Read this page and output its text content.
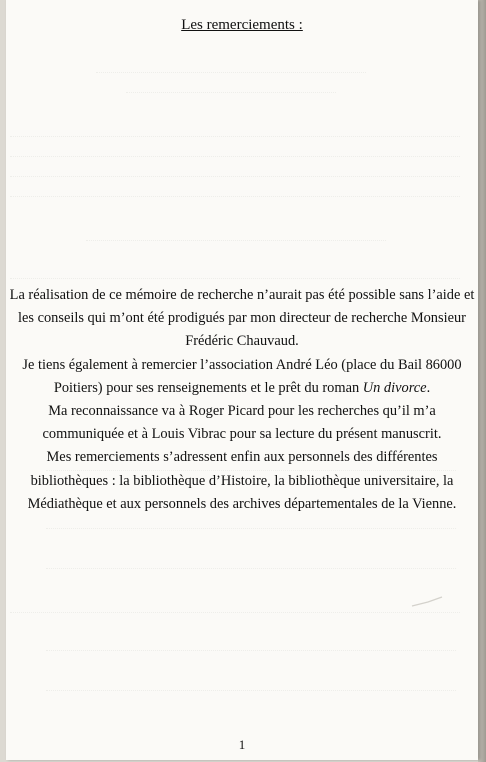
Les remerciements :

La réalisation de ce mémoire de recherche n’aurait pas été possible sans l’aide et

les conseils qui m’ont été prodigués par mon directeur de recherche Monsieur

Frédéric Chauvaud.

Je tiens également à remercier l’association André Léo (place du Bail 86000

Poitiers) pour ses renseignements et le prêt du roman Un divorce.

Ma reconnaissance va à Roger Picard pour les recherches qu’il m’a

communiquée et à Louis Vibrac pour sa lecture du présent manuscrit.

Mes remerciements s’adressent enfin aux personnels des différentes

bibliothèques : la bibliothèque d’Histoire, la bibliothèque universitaire, la

Médiathèque et aux personnels des archives départementales de la Vienne.

1
